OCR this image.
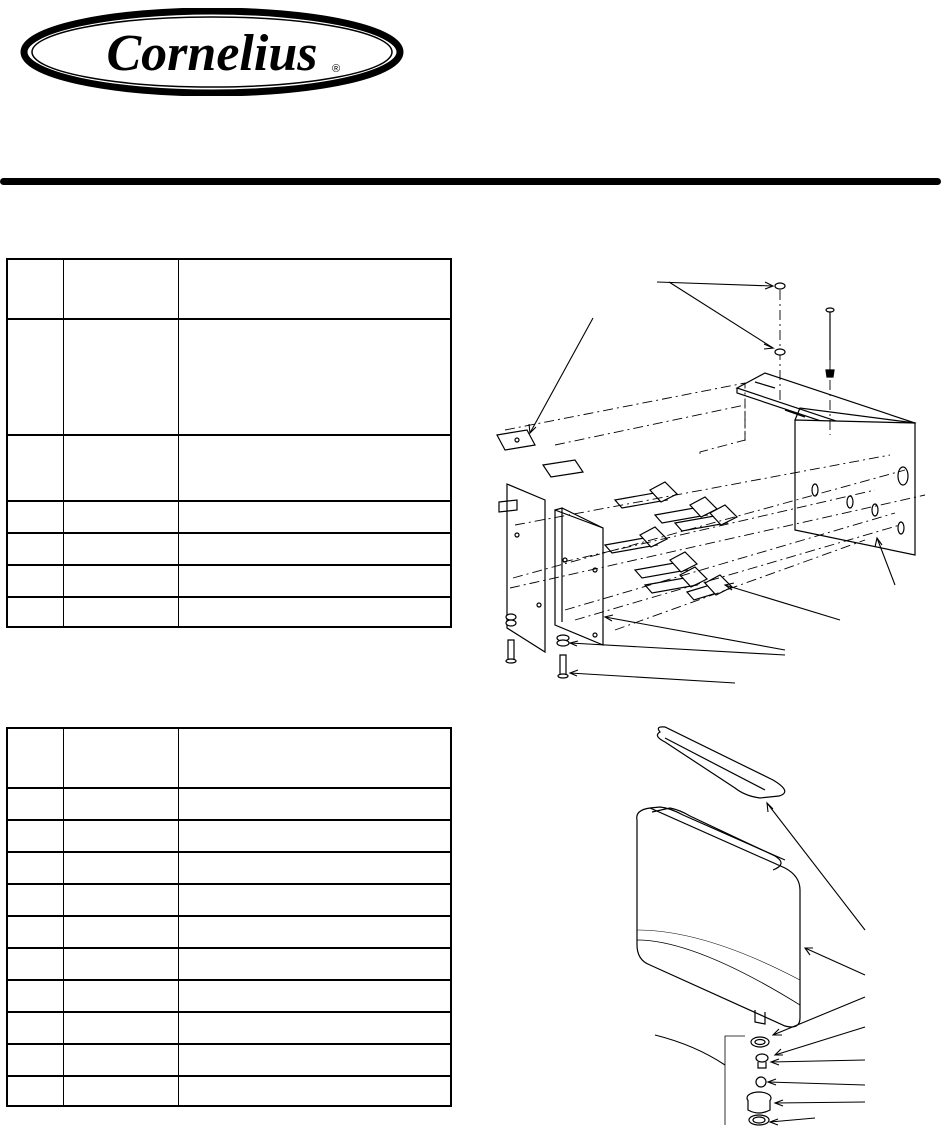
Cornelius ®
